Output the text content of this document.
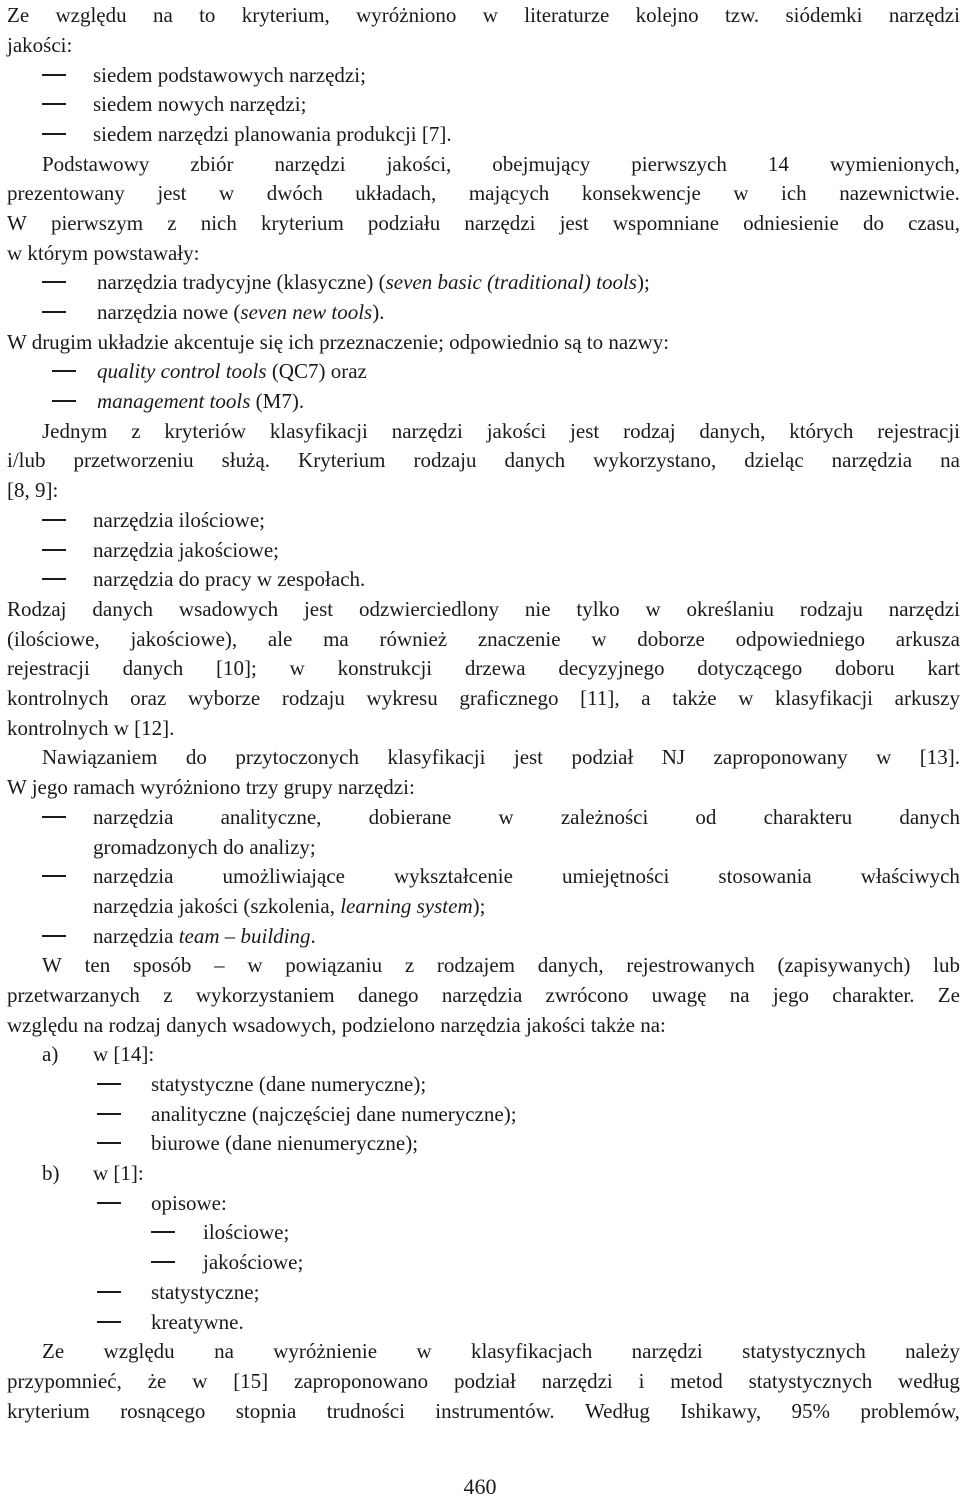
Ze względu na to kryterium, wyróżniono w literaturze kolejno tzw. siódemki narzędzi
jakości:
siedem podstawowych narzędzi;
siedem nowych narzędzi;
siedem narzędzi planowania produkcji [7].
Podstawowy zbiór narzędzi jakości, obejmujący pierwszych 14 wymienionych,
prezentowany jest w dwóch układach, mających konsekwencje w ich nazewnictwie.
W pierwszym z nich kryterium podziału narzędzi jest wspomniane odniesienie do czasu,
w którym powstawały:
narzędzia tradycyjne (klasyczne) (seven basic (traditional) tools);
narzędzia nowe (seven new tools).
W drugim układzie akcentuje się ich przeznaczenie; odpowiednio są to nazwy:
quality control tools (QC7) oraz
management tools (M7).
Jednym z kryteriów klasyfikacji narzędzi jakości jest rodzaj danych, których rejestracji
i/lub przetworzeniu służą. Kryterium rodzaju danych wykorzystano, dzieląc narzędzia na
[8, 9]:
narzędzia ilościowe;
narzędzia jakościowe;
narzędzia do pracy w zespołach.
Rodzaj danych wsadowych jest odzwierciedlony nie tylko w określaniu rodzaju narzędzi
(ilościowe, jakościowe), ale ma również znaczenie w doborze odpowiedniego arkusza
rejestracji danych [10]; w konstrukcji drzewa decyzyjnego dotyczącego doboru kart
kontrolnych oraz wyborze rodzaju wykresu graficznego [11], a także w klasyfikacji arkuszy
kontrolnych w [12].
Nawiązaniem do przytoczonych klasyfikacji jest podział NJ zaproponowany w [13].
W jego ramach wyróżniono trzy grupy narzędzi:
narzędzia analityczne, dobierane w zależności od charakteru danych
gromadzonych do analizy;
narzędzia umożliwiające wykształcenie umiejętności stosowania właściwych
narzędzia jakości (szkolenia, learning system);
narzędzia team – building.
W ten sposób – w powiązaniu z rodzajem danych, rejestrowanych (zapisywanych) lub
przetwarzanych z wykorzystaniem danego narzędzia zwrócono uwagę na jego charakter. Ze
względu na rodzaj danych wsadowych, podzielono narzędzia jakości także na:
a) w [14]:
statystyczne (dane numeryczne);
analityczne (najczęściej dane numeryczne);
biurowe (dane nienumeryczne);
b) w [1]:
opisowe:
ilościowe;
jakościowe;
statystyczne;
kreatywne.
Ze względu na wyróżnienie w klasyfikacjach narzędzi statystycznych należy
przypomnieć, że w [15] zaproponowano podział narzędzi i metod statystycznych według
kryterium rosnącego stopnia trudności instrumentów. Według Ishikawy, 95% problemów,
460
